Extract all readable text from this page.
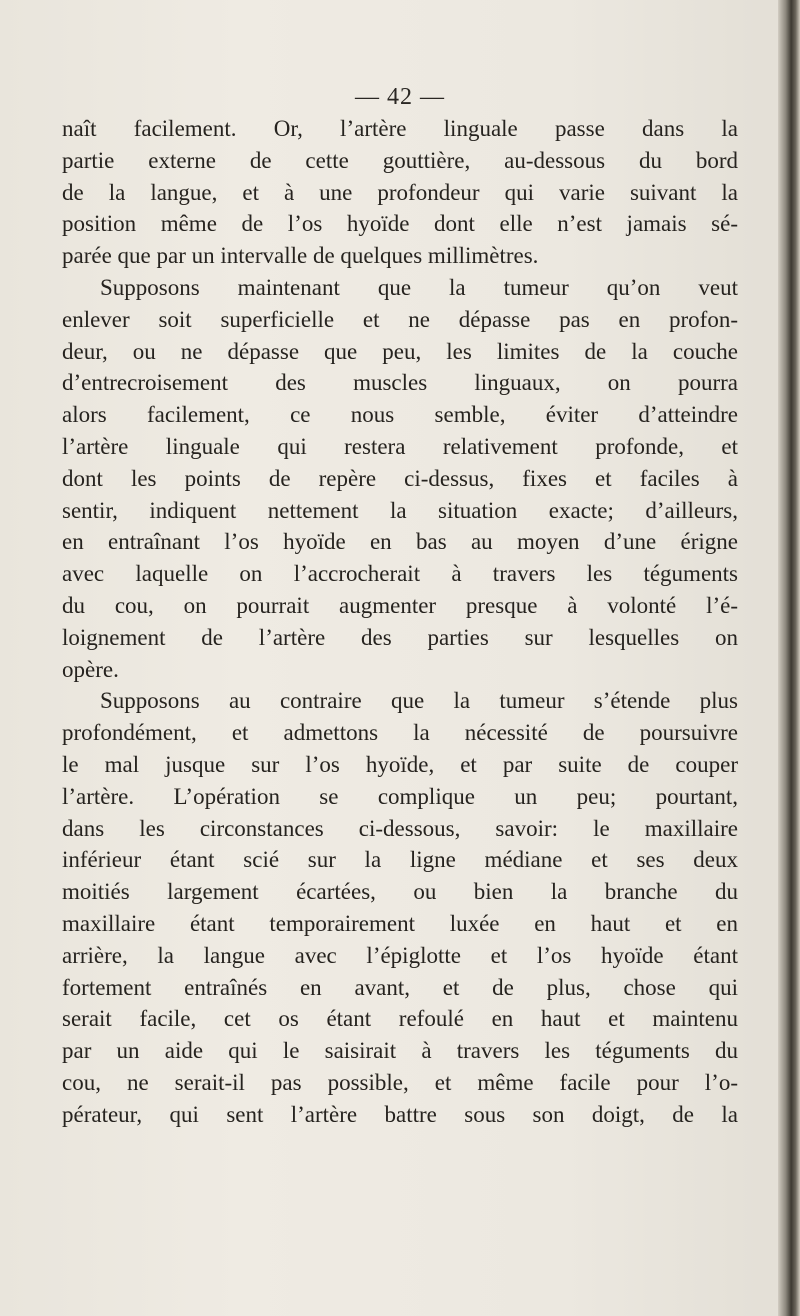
— 42 —
naît facilement. Or, l’artère linguale passe dans la
partie externe de cette gouttière, au-dessous du bord
de la langue, et à une profondeur qui varie suivant la
position même de l’os hyoïde dont elle n’est jamais sé-
parée que par un intervalle de quelques millimètres.
Supposons maintenant que la tumeur qu’on veut
enlever soit superficielle et ne dépasse pas en profon-
deur, ou ne dépasse que peu, les limites de la couche
d’entrecroisement des muscles linguaux, on pourra
alors facilement, ce nous semble, éviter d’atteindre
l’artère linguale qui restera relativement profonde, et
dont les points de repère ci-dessus, fixes et faciles à
sentir, indiquent nettement la situation exacte; d’ailleurs,
en entraînant l’os hyoïde en bas au moyen d’une érigne
avec laquelle on l’accrocherait à travers les téguments
du cou, on pourrait augmenter presque à volonté l’é-
loignement de l’artère des parties sur lesquelles on
opère.
Supposons au contraire que la tumeur s’étende plus
profondément, et admettons la nécessité de poursuivre
le mal jusque sur l’os hyoïde, et par suite de couper
l’artère. L’opération se complique un peu; pourtant,
dans les circonstances ci-dessous, savoir: le maxillaire
inférieur étant scié sur la ligne médiane et ses deux
moitiés largement écartées, ou bien la branche du
maxillaire étant temporairement luxée en haut et en
arrière, la langue avec l’épiglotte et l’os hyoïde étant
fortement entraînés en avant, et de plus, chose qui
serait facile, cet os étant refoulé en haut et maintenu
par un aide qui le saisirait à travers les téguments du
cou, ne serait-il pas possible, et même facile pour l’o-
pérateur, qui sent l’artère battre sous son doigt, de la
